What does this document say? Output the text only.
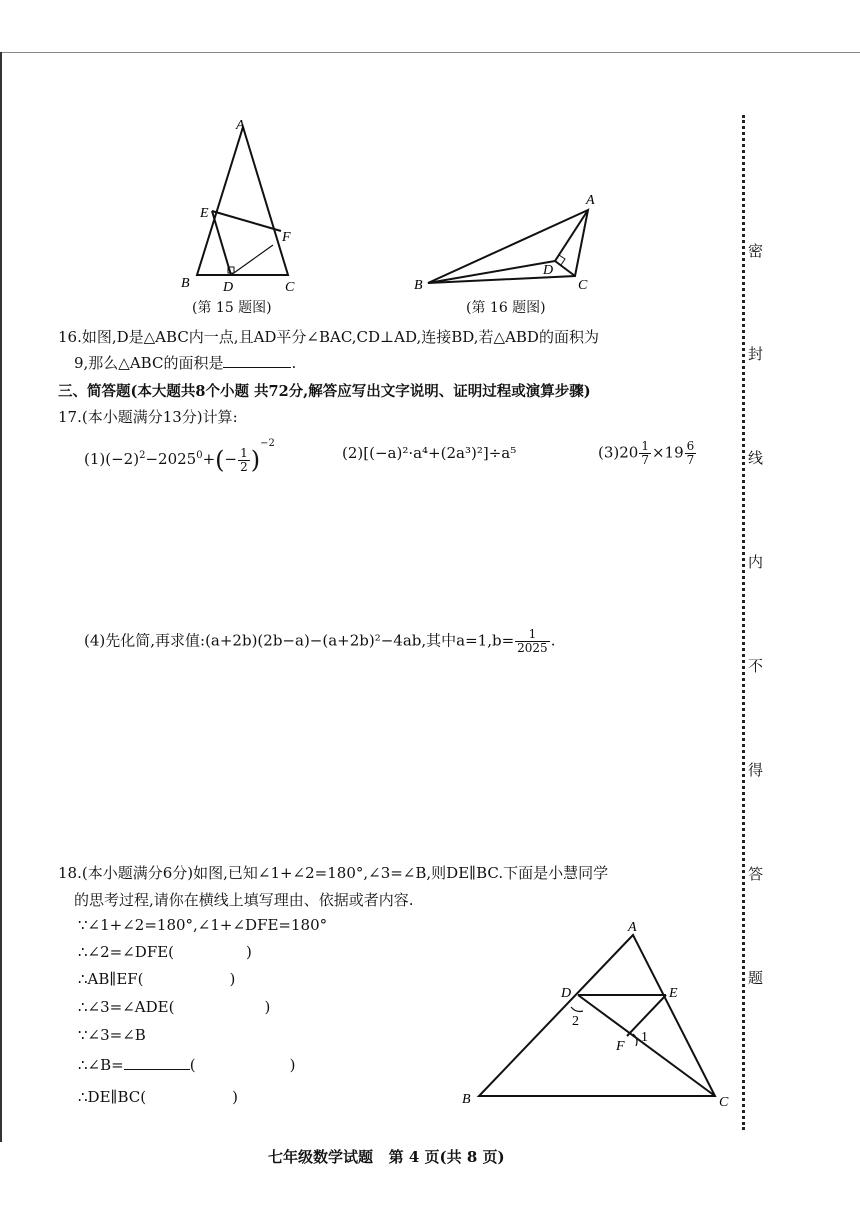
A
E
F
B D	C
(第 15 题图)
A
B
D
C
(第 16 题图)
16.如图,D是△ABC内一点,且AD平分∠BAC,CD⊥AD,连接BD,若△ABD的面积为
9,那么△ABC的面积是	.
三、简答题(本大题共8个小题 共72分,解答应写出文字说明、证明过程或演算步骤)
17.(本小题满分13分)计算:
$(1)(-2)^2-2025^0+(- \frac{1}{2} )^{-2}$
(2)[(−a)²·a⁴+(2a³)²]÷a⁵	$(3)20 \frac{1}{7} \times 19 \frac{6}{7}$
(4)先化简,再求值:(a+2b)(2b−a)−(a+2b)²−4ab,其中$a=1,b= \frac{1}{2025}$ .
18.(本小题满分6分)如图,已知∠1+∠2=180°,∠3=∠B,则DE∥BC.下面是小慧同学
的思考过程,请你在横线上填写理由、依据或者内容.
∵∠1+∠2=180°,∠1+∠DFE=180°
∴∠2=∠DFE(	)
∴AB∥EF(	)
∴∠3=∠ADE(	)
∵∠3=∠B
∴∠B=	(	)
∴DE∥BC(	)
A
D	E
F
1
2
B	C
密
封
线
内
不
得
答
题
七年级数学试题   第 4 页(共 8 页)
